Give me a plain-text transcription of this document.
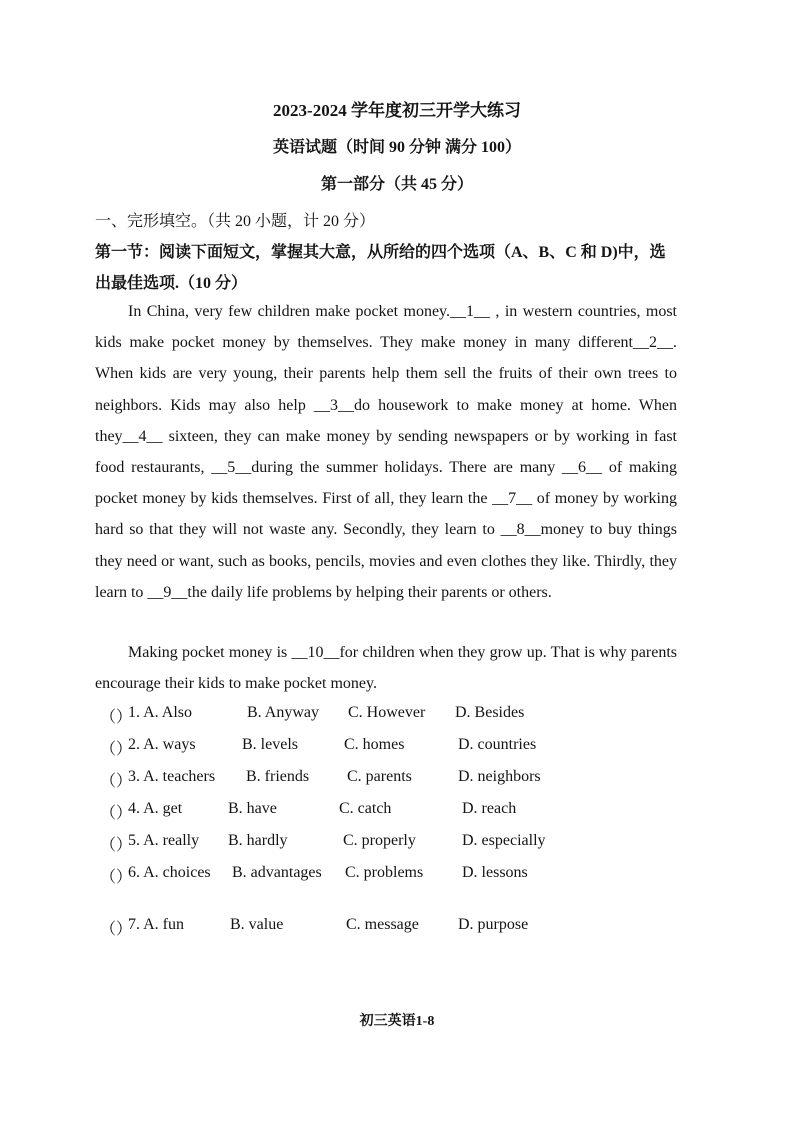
2023-2024 学年度初三开学大练习
英语试题（时间 90 分钟 满分 100）
第一部分（共 45 分）
一、完形填空。（共 20 小题，计 20 分）
第一节：阅读下面短文，掌握其大意，从所给的四个选项（A、B、C 和 D)中，选出最佳选项.（10 分）

In China, very few children make pocket money.__1__ , in western countries, most kids make pocket money by themselves. They make money in many different__2__. When kids are very young, their parents help them sell the fruits of their own trees to neighbors. Kids may also help __3__do housework to make money at home. When they__4__ sixteen, they can make money by sending newspapers or by working in fast food restaurants, __5__during the summer holidays. There are many __6__ of making pocket money by kids themselves. First of all, they learn the __7__ of money by working hard so that they will not waste any. Secondly, they learn to __8__money to buy things they need or want, such as books, pencils, movies and even clothes they like. Thirdly, they learn to __9__the daily life problems by helping their parents or others.

Making pocket money is __10__for children when they grow up. That is why parents encourage their kids to make pocket money.

（）
1. A. Also	B. Anyway C. However D. Besides
（）
2. A. ways	B. levels	C. homes	D. countries
（）
3. A. teachers B. friends C. parents	D. neighbors
（）
4. A. get	B. have	C. catch	D. reach
（）
5. A. really B. hardly	C. properly	D. especially
（）
6. A. choices B. advantages C. problems D. lessons
（）
7. A. fun	B. value	C. message D. purpose
初三英语1-8
